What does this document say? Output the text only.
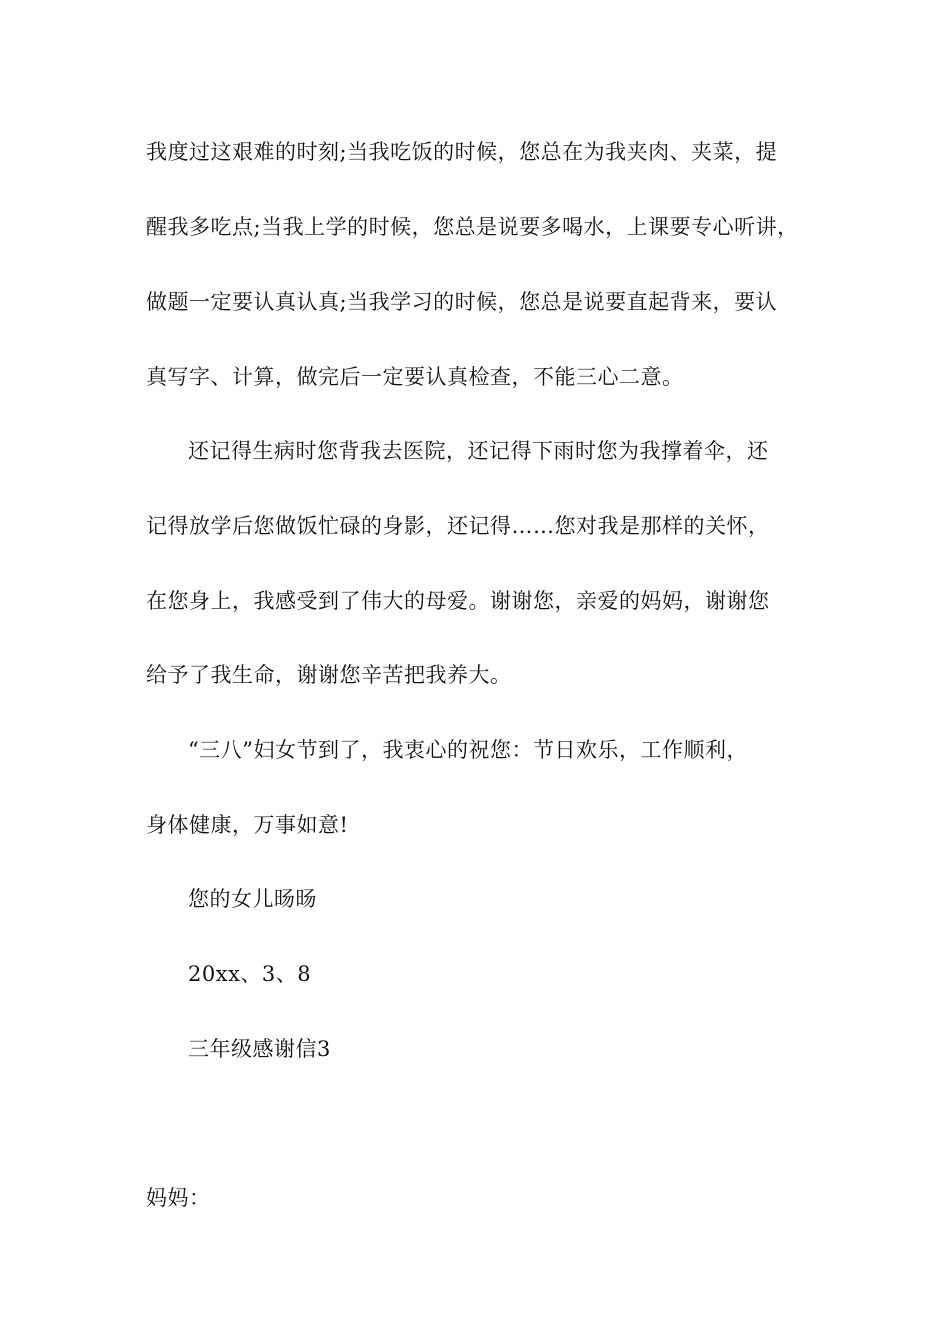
我度过这艰难的时刻;当我吃饭的时候，您总在为我夹肉、夹菜，提
醒我多吃点;当我上学的时候，您总是说要多喝水，上课要专心听讲，
做题一定要认真认真;当我学习的时候，您总是说要直起背来，要认
真写字、计算，做完后一定要认真检查，不能三心二意。
还记得生病时您背我去医院，还记得下雨时您为我撑着伞，还
记得放学后您做饭忙碌的身影，还记得……您对我是那样的关怀，
在您身上，我感受到了伟大的母爱。谢谢您，亲爱的妈妈，谢谢您
给予了我生命，谢谢您辛苦把我养大。
“三八”妇女节到了，我衷心的祝您：节日欢乐，工作顺利，
身体健康，万事如意!
您的女儿旸旸
20xx、3、8
三年级感谢信3
妈妈：
